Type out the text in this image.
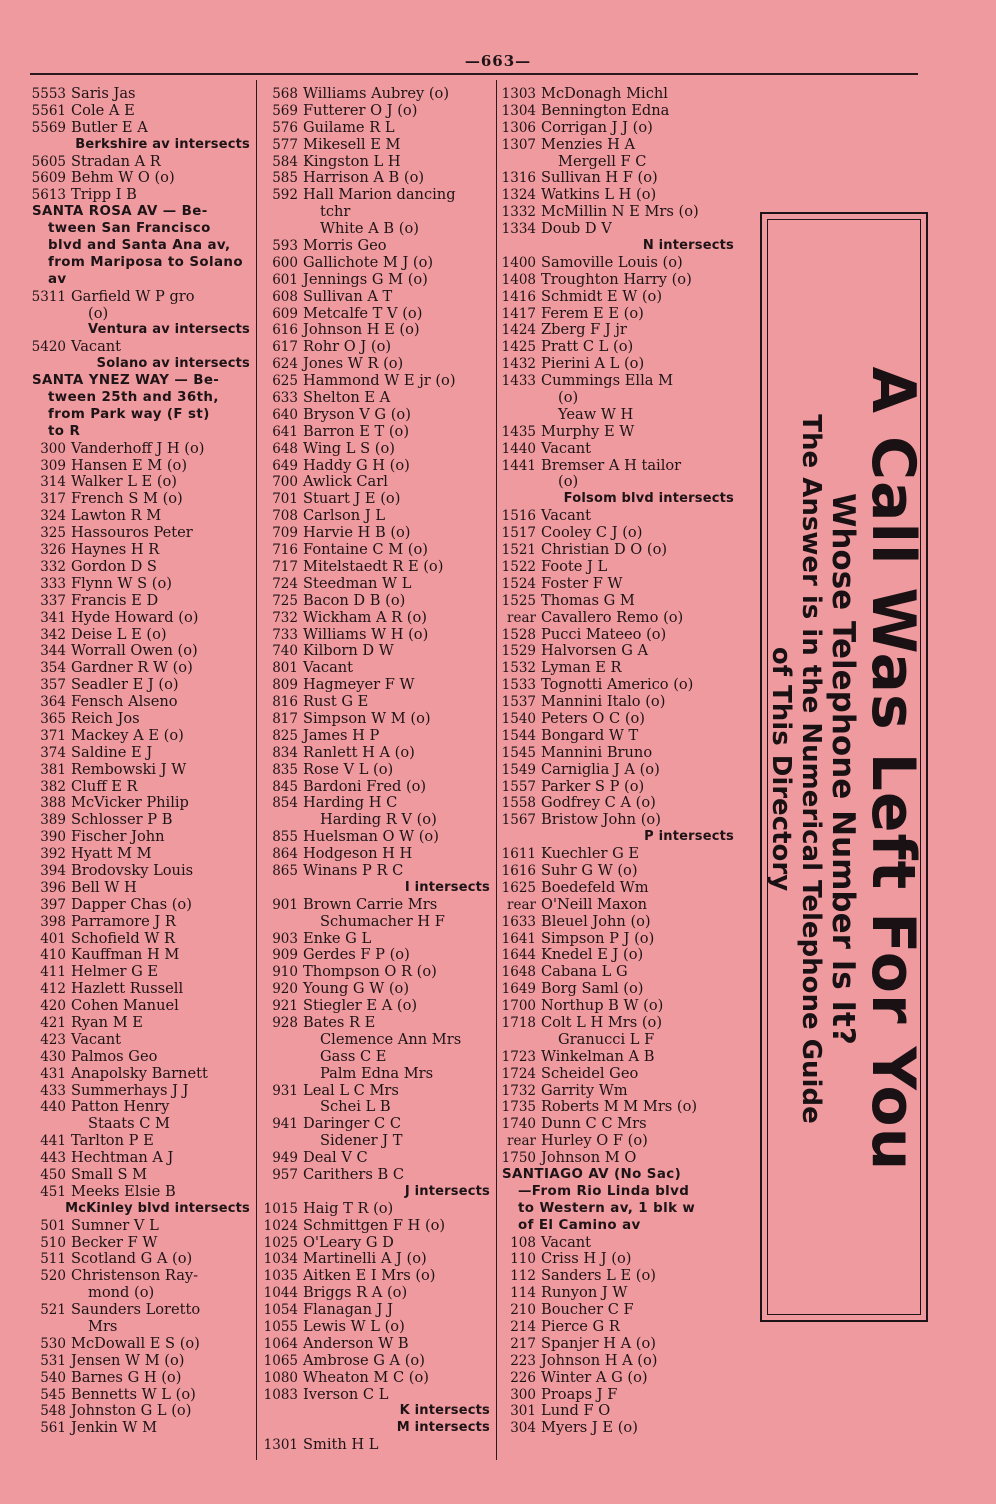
—663—
5553 Saris Jas
5561 Cole A E
5569 Butler E A
Berkshire av intersects
5605 Stradan A R
5609 Behm W O (o)
5613 Tripp I B
SANTA ROSA AV — Be-
tween San Francisco
blvd and Santa Ana av,
from Mariposa to Solano
av
5311 Garfield W P gro
(o)
Ventura av intersects
5420 Vacant
Solano av intersects
SANTA YNEZ WAY — Be-
tween 25th and 36th,
from Park way (F st)
to R
300 Vanderhoff J H (o)
309 Hansen E M (o)
314 Walker L E (o)
317 French S M (o)
324 Lawton R M
325 Hassouros Peter
326 Haynes H R
332 Gordon D S
333 Flynn W S (o)
337 Francis E D
341 Hyde Howard (o)
342 Deise L E (o)
344 Worrall Owen (o)
354 Gardner R W (o)
357 Seadler E J (o)
364 Fensch Alseno
365 Reich Jos
371 Mackey A E (o)
374 Saldine E J
381 Rembowski J W
382 Cluff E R
388 McVicker Philip
389 Schlosser P B
390 Fischer John
392 Hyatt M M
394 Brodovsky Louis
396 Bell W H
397 Dapper Chas (o)
398 Parramore J R
401 Schofield W R
410 Kauffman H M
411 Helmer G E
412 Hazlett Russell
420 Cohen Manuel
421 Ryan M E
423 Vacant
430 Palmos Geo
431 Anapolsky Barnett
433 Summerhays J J
440 Patton Henry
Staats C M
441 Tarlton P E
443 Hechtman A J
450 Small S M
451 Meeks Elsie B
McKinley blvd intersects
501 Sumner V L
510 Becker F W
511 Scotland G A (o)
520 Christenson Ray-
mond (o)
521 Saunders Loretto
Mrs
530 McDowall E S (o)
531 Jensen W M (o)
540 Barnes G H (o)
545 Bennetts W L (o)
548 Johnston G L (o)
561 Jenkin W M
568 Williams Aubrey (o)
569 Futterer O J (o)
576 Guilame R L
577 Mikesell E M
584 Kingston L H
585 Harrison A B (o)
592 Hall Marion dancing
tchr
White A B (o)
593 Morris Geo
600 Gallichote M J (o)
601 Jennings G M (o)
608 Sullivan A T
609 Metcalfe T V (o)
616 Johnson H E (o)
617 Rohr O J (o)
624 Jones W R (o)
625 Hammond W E jr (o)
633 Shelton E A
640 Bryson V G (o)
641 Barron E T (o)
648 Wing L S (o)
649 Haddy G H (o)
700 Awlick Carl
701 Stuart J E (o)
708 Carlson J L
709 Harvie H B (o)
716 Fontaine C M (o)
717 Mitelstaedt R E (o)
724 Steedman W L
725 Bacon D B (o)
732 Wickham A R (o)
733 Williams W H (o)
740 Kilborn D W
801 Vacant
809 Hagmeyer F W
816 Rust G E
817 Simpson W M (o)
825 James H P
834 Ranlett H A (o)
835 Rose V L (o)
845 Bardoni Fred (o)
854 Harding H C
Harding R V (o)
855 Huelsman O W (o)
864 Hodgeson H H
865 Winans P R C
I intersects
901 Brown Carrie Mrs
Schumacher H F
903 Enke G L
909 Gerdes F P (o)
910 Thompson O R (o)
920 Young G W (o)
921 Stiegler E A (o)
928 Bates R E
Clemence Ann Mrs
Gass C E
Palm Edna Mrs
931 Leal L C Mrs
Schei L B
941 Daringer C C
Sidener J T
949 Deal V C
957 Carithers B C
J intersects
1015 Haig T R (o)
1024 Schmittgen F H (o)
1025 O'Leary G D
1034 Martinelli A J (o)
1035 Aitken E I Mrs (o)
1044 Briggs R A (o)
1054 Flanagan J J
1055 Lewis W L (o)
1064 Anderson W B
1065 Ambrose G A (o)
1080 Wheaton M C (o)
1083 Iverson C L
K intersects
M intersects
1301 Smith H L
1303 McDonagh Michl
1304 Bennington Edna
1306 Corrigan J J (o)
1307 Menzies H A
Mergell F C
1316 Sullivan H F (o)
1324 Watkins L H (o)
1332 McMillin N E Mrs (o)
1334 Doub D V
N intersects
1400 Samoville Louis (o)
1408 Troughton Harry (o)
1416 Schmidt E W (o)
1417 Ferem E E (o)
1424 Zberg F J jr
1425 Pratt C L (o)
1432 Pierini A L (o)
1433 Cummings Ella M
(o)
Yeaw W H
1435 Murphy E W
1440 Vacant
1441 Bremser A H tailor
(o)
Folsom blvd intersects
1516 Vacant
1517 Cooley C J (o)
1521 Christian D O (o)
1522 Foote J L
1524 Foster F W
1525 Thomas G M
rear Cavallero Remo (o)
1528 Pucci Mateeo (o)
1529 Halvorsen G A
1532 Lyman E R
1533 Tognotti Americo (o)
1537 Mannini Italo (o)
1540 Peters O C (o)
1544 Bongard W T
1545 Mannini Bruno
1549 Carniglia J A (o)
1557 Parker S P (o)
1558 Godfrey C A (o)
1567 Bristow John (o)
P intersects
1611 Kuechler G E
1616 Suhr G W (o)
1625 Boedefeld Wm
rear O'Neill Maxon
1633 Bleuel John (o)
1641 Simpson P J (o)
1644 Knedel E J (o)
1648 Cabana L G
1649 Borg Saml (o)
1700 Northup B W (o)
1718 Colt L H Mrs (o)
Granucci L F
1723 Winkelman A B
1724 Scheidel Geo
1732 Garrity Wm
1735 Roberts M M Mrs (o)
1740 Dunn C C Mrs
rear Hurley O F (o)
1750 Johnson M O
SANTIAGO AV (No Sac)
—From Rio Linda blvd
to Western av, 1 blk w
of El Camino av
108 Vacant
110 Criss H J (o)
112 Sanders L E (o)
114 Runyon J W
210 Boucher C F
214 Pierce G R
217 Spanjer H A (o)
223 Johnson H A (o)
226 Winter A G (o)
300 Proaps J F
301 Lund F O
304 Myers J E (o)
A Call Was Left For You
Whose Telephone Number Is It?
The Answer is in the Numerical Telephone Guide
of This Directory
